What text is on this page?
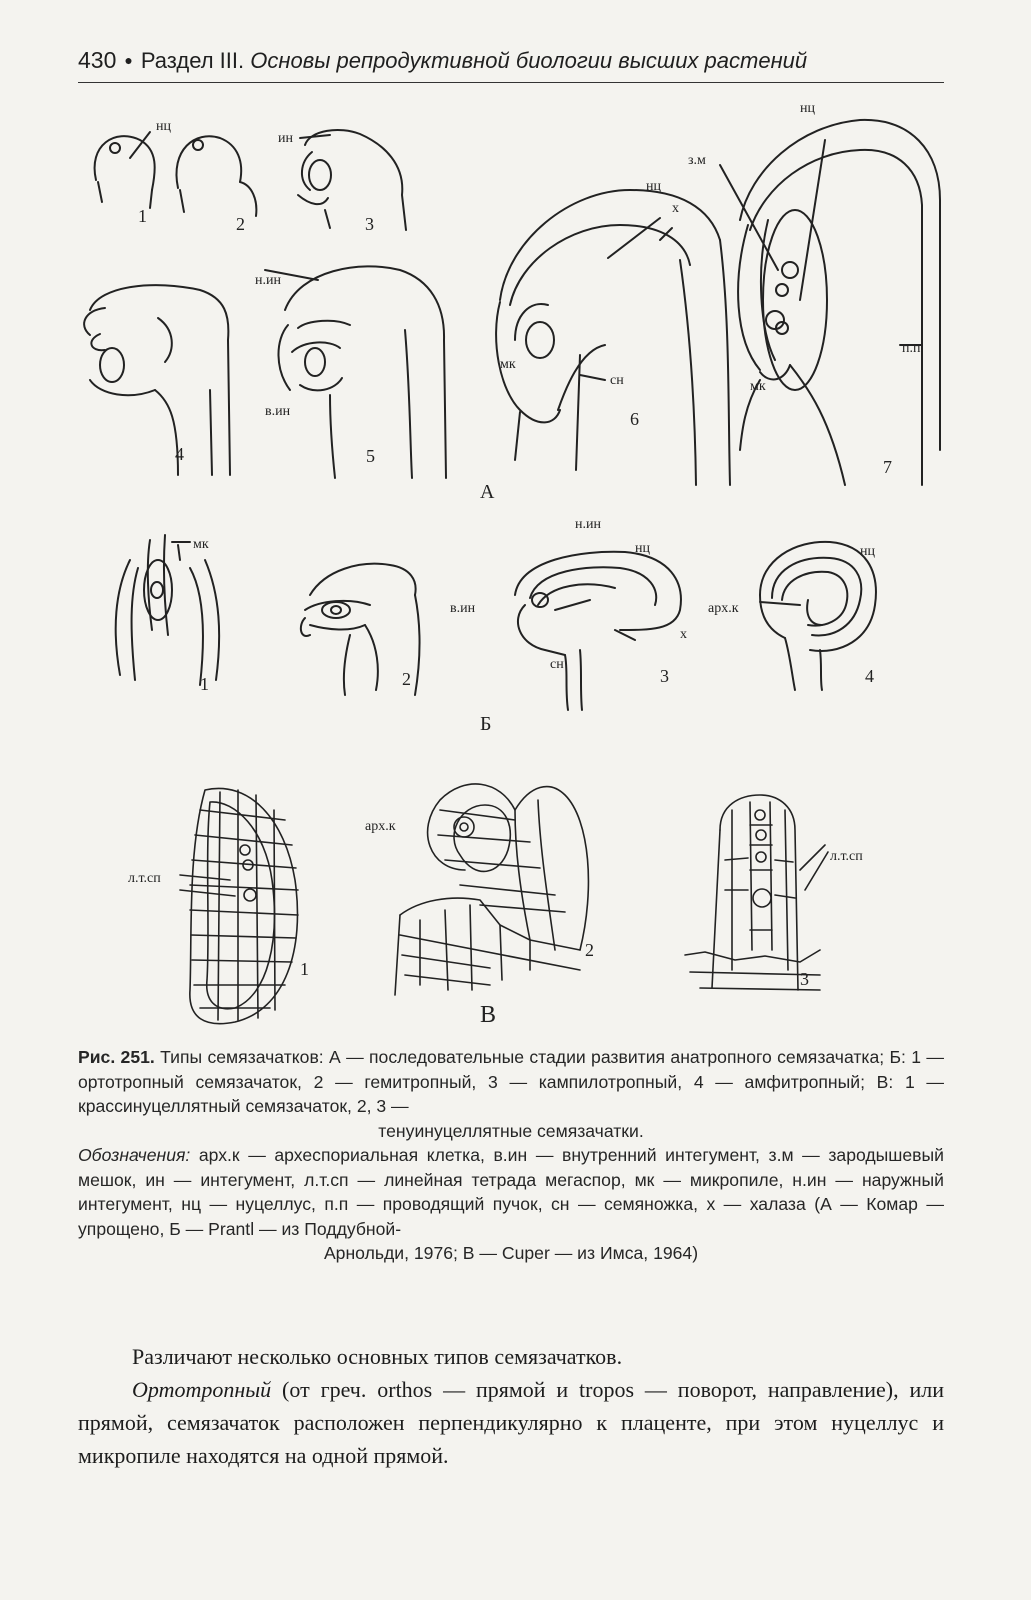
430 ● Раздел III. Основы репродуктивной биологии высших растений
нц
ин
н.ин
в.ин
нц
х
мк
сн
нц
з.м
мк
п.п
1	2	3
4	5
6
7
А
мк
н.ин
нц
в.ин
х
сн
нц
арх.к
1	2	3	4
Б
л.т.сп
арх.к
л.т.сп
1
2
3
В

Рис. 251. Типы семязачатков: А — последовательные стадии развития анатропного семязачатка; Б: 1 — ортотропный семязачаток, 2 — гемитропный, 3 — кампилотропный, 4 — амфитропный; В: 1 — крассинуцеллятный семязачаток, 2, 3 —

тенуинуцеллятные семязачатки.

Обозначения: арх.к — археспориальная клетка, в.ин — внутренний интегумент, з.м — зародышевый мешок, ин — интегумент, л.т.сп — линейная тетрада мегаспор, мк — микропиле, н.ин — наружный интегумент, нц — нуцеллус, п.п — проводящий пучок, сн — семяножка, х — халаза (А — Комар — упрощено, Б — Prantl — из Поддубной-

Арнольди, 1976; В — Cuper — из Имса, 1964)

Различают несколько основных типов семязачатков.

Ортотропный (от греч. orthos — прямой и tropos — поворот, направление), или прямой, семязачаток расположен перпендикулярно к плаценте, при этом нуцеллус и микропиле находятся на одной прямой.
